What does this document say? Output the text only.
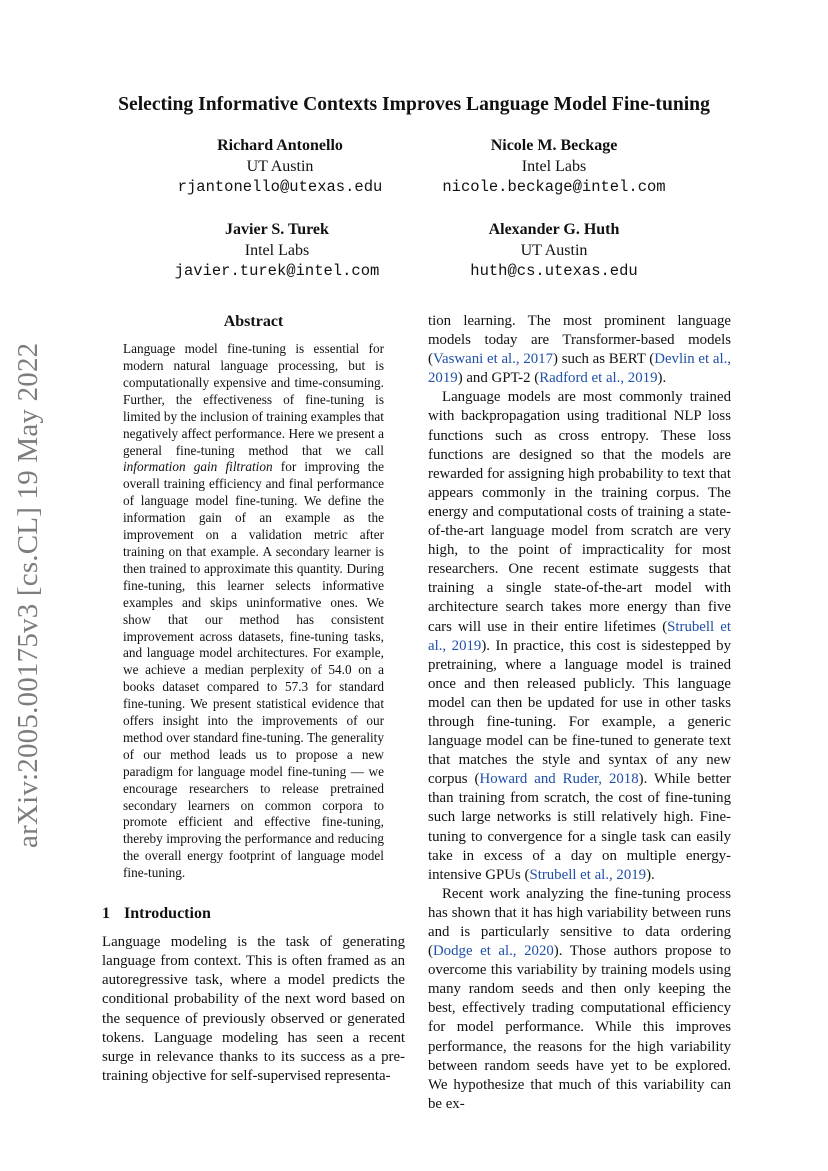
arXiv:2005.00175v3 [cs.CL] 19 May 2022
Selecting Informative Contexts Improves Language Model Fine-tuning
Richard Antonello
UT Austin
rjantonello@utexas.edu
Nicole M. Beckage
Intel Labs
nicole.beckage@intel.com
Javier S. Turek
Intel Labs
javier.turek@intel.com
Alexander G. Huth
UT Austin
huth@cs.utexas.edu

Abstract

Language model fine-tuning is essential for modern natural language processing, but is computationally expensive and time-consuming. Further, the effectiveness of fine-tuning is limited by the inclusion of training examples that negatively affect performance. Here we present a general fine-tuning method that we call information gain filtration for improving the overall training efficiency and final performance of language model fine-tuning. We define the information gain of an example as the improvement on a validation metric after training on that example. A secondary learner is then trained to approximate this quantity. During fine-tuning, this learner selects informative examples and skips uninformative ones. We show that our method has consistent improvement across datasets, fine-tuning tasks, and language model architectures. For example, we achieve a median perplexity of 54.0 on a books dataset compared to 57.3 for standard fine-tuning. We present statistical evidence that offers insight into the improvements of our method over standard fine-tuning. The generality of our method leads us to propose a new paradigm for language model fine-tuning — we encourage researchers to release pretrained secondary learners on common corpora to promote efficient and effective fine-tuning, thereby improving the performance and reducing the overall energy footprint of language model fine-tuning.

1 Introduction

Language modeling is the task of generating language from context. This is often framed as an autoregressive task, where a model predicts the conditional probability of the next word based on the sequence of previously observed or generated tokens. Language modeling has seen a recent surge in relevance thanks to its success as a pre-training objective for self-supervised representa-

tion learning. The most prominent language models today are Transformer-based models (Vaswani et al., 2017) such as BERT (Devlin et al., 2019) and GPT-2 (Radford et al., 2019).

Language models are most commonly trained with backpropagation using traditional NLP loss functions such as cross entropy. These loss functions are designed so that the models are rewarded for assigning high probability to text that appears commonly in the training corpus. The energy and computational costs of training a state-of-the-art language model from scratch are very high, to the point of impracticality for most researchers. One recent estimate suggests that training a single state-of-the-art model with architecture search takes more energy than five cars will use in their entire lifetimes (Strubell et al., 2019). In practice, this cost is sidestepped by pretraining, where a language model is trained once and then released publicly. This language model can then be updated for use in other tasks through fine-tuning. For example, a generic language model can be fine-tuned to generate text that matches the style and syntax of any new corpus (Howard and Ruder, 2018). While better than training from scratch, the cost of fine-tuning such large networks is still relatively high. Fine-tuning to convergence for a single task can easily take in excess of a day on multiple energy-intensive GPUs (Strubell et al., 2019).

Recent work analyzing the fine-tuning process has shown that it has high variability between runs and is particularly sensitive to data ordering (Dodge et al., 2020). Those authors propose to overcome this variability by training models using many random seeds and then only keeping the best, effectively trading computational efficiency for model performance. While this improves performance, the reasons for the high variability between random seeds have yet to be explored. We hypothesize that much of this variability can be ex-
